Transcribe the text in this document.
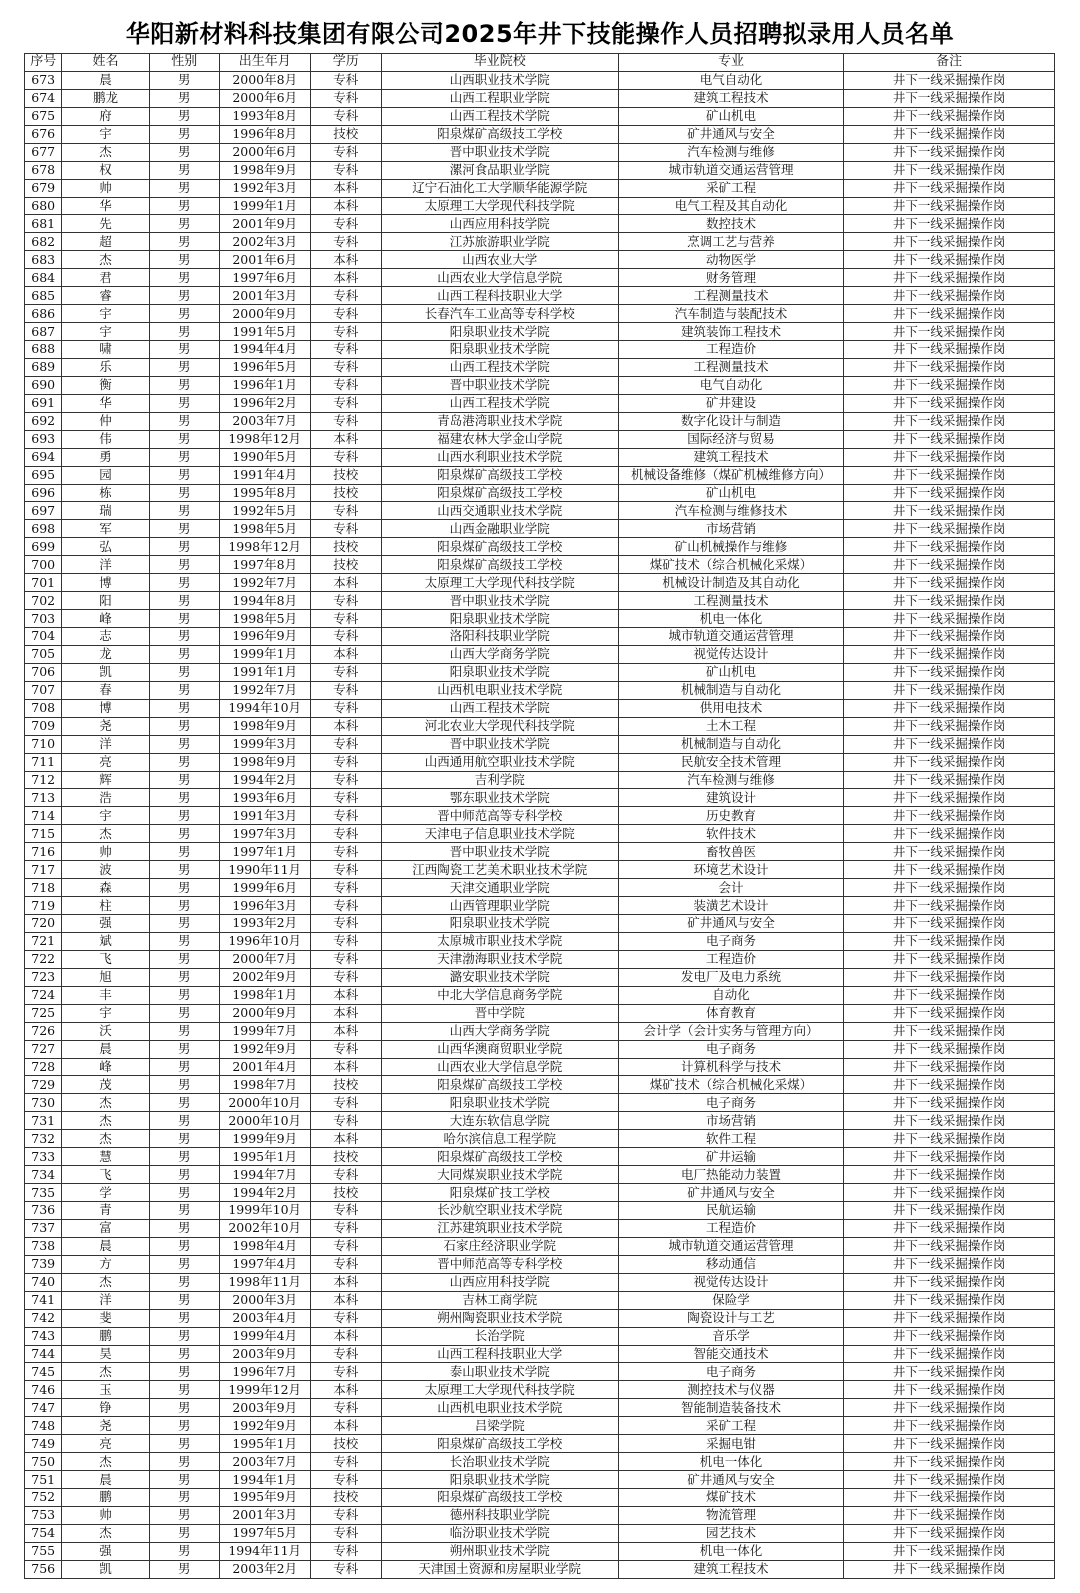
华阳新材料科技集团有限公司2025年井下技能操作人员招聘拟录用人员名单
序号	姓名	性别	出生年月	学历	毕业院校	专业	备注
673	晨	男	2000年8月	专科	山西职业技术学院	电气自动化	井下一线采掘操作岗
674	鹏龙	男	2000年6月	专科	山西工程职业学院	建筑工程技术	井下一线采掘操作岗
675	府	男	1993年8月	专科	山西工程技术学院	矿山机电	井下一线采掘操作岗
676	宇	男	1996年8月	技校	阳泉煤矿高级技工学校	矿井通风与安全	井下一线采掘操作岗
677	杰	男	2000年6月	专科	晋中职业技术学院	汽车检测与维修	井下一线采掘操作岗
678	权	男	1998年9月	专科	漯河食品职业学院	城市轨道交通运营管理	井下一线采掘操作岗
679	帅	男	1992年3月	本科	辽宁石油化工大学顺华能源学院	采矿工程	井下一线采掘操作岗
680	华	男	1999年1月	本科	太原理工大学现代科技学院	电气工程及其自动化	井下一线采掘操作岗
681	先	男	2001年9月	专科	山西应用科技学院	数控技术	井下一线采掘操作岗
682	超	男	2002年3月	专科	江苏旅游职业学院	烹调工艺与营养	井下一线采掘操作岗
683	杰	男	2001年6月	本科	山西农业大学	动物医学	井下一线采掘操作岗
684	君	男	1997年6月	本科	山西农业大学信息学院	财务管理	井下一线采掘操作岗
685	睿	男	2001年3月	专科	山西工程科技职业大学	工程测量技术	井下一线采掘操作岗
686	宇	男	2000年9月	专科	长春汽车工业高等专科学校	汽车制造与装配技术	井下一线采掘操作岗
687	宇	男	1991年5月	专科	阳泉职业技术学院	建筑装饰工程技术	井下一线采掘操作岗
688	啸	男	1994年4月	专科	阳泉职业技术学院	工程造价	井下一线采掘操作岗
689	乐	男	1996年5月	专科	山西工程技术学院	工程测量技术	井下一线采掘操作岗
690	衡	男	1996年1月	专科	晋中职业技术学院	电气自动化	井下一线采掘操作岗
691	华	男	1996年2月	专科	山西工程技术学院	矿井建设	井下一线采掘操作岗
692	仲	男	2003年7月	专科	青岛港湾职业技术学院	数字化设计与制造	井下一线采掘操作岗
693	伟	男	1998年12月	本科	福建农林大学金山学院	国际经济与贸易	井下一线采掘操作岗
694	勇	男	1990年5月	专科	山西水利职业技术学院	建筑工程技术	井下一线采掘操作岗
695	园	男	1991年4月	技校	阳泉煤矿高级技工学校	机械设备维修（煤矿机械维修方向）	井下一线采掘操作岗
696	栋	男	1995年8月	技校	阳泉煤矿高级技工学校	矿山机电	井下一线采掘操作岗
697	瑞	男	1992年5月	专科	山西交通职业技术学院	汽车检测与维修技术	井下一线采掘操作岗
698	军	男	1998年5月	专科	山西金融职业学院	市场营销	井下一线采掘操作岗
699	弘	男	1998年12月	技校	阳泉煤矿高级技工学校	矿山机械操作与维修	井下一线采掘操作岗
700	洋	男	1997年8月	技校	阳泉煤矿高级技工学校	煤矿技术（综合机械化采煤）	井下一线采掘操作岗
701	博	男	1992年7月	本科	太原理工大学现代科技学院	机械设计制造及其自动化	井下一线采掘操作岗
702	阳	男	1994年8月	专科	晋中职业技术学院	工程测量技术	井下一线采掘操作岗
703	峰	男	1998年5月	专科	阳泉职业技术学院	机电一体化	井下一线采掘操作岗
704	志	男	1996年9月	专科	洛阳科技职业学院	城市轨道交通运营管理	井下一线采掘操作岗
705	龙	男	1999年1月	本科	山西大学商务学院	视觉传达设计	井下一线采掘操作岗
706	凯	男	1991年1月	专科	阳泉职业技术学院	矿山机电	井下一线采掘操作岗
707	春	男	1992年7月	专科	山西机电职业技术学院	机械制造与自动化	井下一线采掘操作岗
708	博	男	1994年10月	专科	山西工程技术学院	供用电技术	井下一线采掘操作岗
709	尧	男	1998年9月	本科	河北农业大学现代科技学院	土木工程	井下一线采掘操作岗
710	洋	男	1999年3月	专科	晋中职业技术学院	机械制造与自动化	井下一线采掘操作岗
711	亮	男	1998年9月	专科	山西通用航空职业技术学院	民航安全技术管理	井下一线采掘操作岗
712	辉	男	1994年2月	专科	吉利学院	汽车检测与维修	井下一线采掘操作岗
713	浩	男	1993年6月	专科	鄂东职业技术学院	建筑设计	井下一线采掘操作岗
714	宇	男	1991年3月	专科	晋中师范高等专科学校	历史教育	井下一线采掘操作岗
715	杰	男	1997年3月	专科	天津电子信息职业技术学院	软件技术	井下一线采掘操作岗
716	帅	男	1997年1月	专科	晋中职业技术学院	畜牧兽医	井下一线采掘操作岗
717	波	男	1990年11月	专科	江西陶瓷工艺美术职业技术学院	环境艺术设计	井下一线采掘操作岗
718	森	男	1999年6月	专科	天津交通职业学院	会计	井下一线采掘操作岗
719	柱	男	1996年3月	专科	山西管理职业学院	装潢艺术设计	井下一线采掘操作岗
720	强	男	1993年2月	专科	阳泉职业技术学院	矿井通风与安全	井下一线采掘操作岗
721	斌	男	1996年10月	专科	太原城市职业技术学院	电子商务	井下一线采掘操作岗
722	飞	男	2000年7月	专科	天津渤海职业技术学院	工程造价	井下一线采掘操作岗
723	旭	男	2002年9月	专科	潞安职业技术学院	发电厂及电力系统	井下一线采掘操作岗
724	丰	男	1998年1月	本科	中北大学信息商务学院	自动化	井下一线采掘操作岗
725	宇	男	2000年9月	本科	晋中学院	体育教育	井下一线采掘操作岗
726	沃	男	1999年7月	本科	山西大学商务学院	会计学（会计实务与管理方向）	井下一线采掘操作岗
727	晨	男	1992年9月	专科	山西华澳商贸职业学院	电子商务	井下一线采掘操作岗
728	峰	男	2001年4月	本科	山西农业大学信息学院	计算机科学与技术	井下一线采掘操作岗
729	茂	男	1998年7月	技校	阳泉煤矿高级技工学校	煤矿技术（综合机械化采煤）	井下一线采掘操作岗
730	杰	男	2000年10月	专科	阳泉职业技术学院	电子商务	井下一线采掘操作岗
731	杰	男	2000年10月	专科	大连东软信息学院	市场营销	井下一线采掘操作岗
732	杰	男	1999年9月	本科	哈尔滨信息工程学院	软件工程	井下一线采掘操作岗
733	慧	男	1995年1月	技校	阳泉煤矿高级技工学校	矿井运输	井下一线采掘操作岗
734	飞	男	1994年7月	专科	大同煤炭职业技术学院	电厂热能动力装置	井下一线采掘操作岗
735	学	男	1994年2月	技校	阳泉煤矿技工学校	矿井通风与安全	井下一线采掘操作岗
736	青	男	1999年10月	专科	长沙航空职业技术学院	民航运输	井下一线采掘操作岗
737	富	男	2002年10月	专科	江苏建筑职业技术学院	工程造价	井下一线采掘操作岗
738	晨	男	1998年4月	专科	石家庄经济职业学院	城市轨道交通运营管理	井下一线采掘操作岗
739	方	男	1997年4月	专科	晋中师范高等专科学校	移动通信	井下一线采掘操作岗
740	杰	男	1998年11月	本科	山西应用科技学院	视觉传达设计	井下一线采掘操作岗
741	洋	男	2000年3月	本科	吉林工商学院	保险学	井下一线采掘操作岗
742	斐	男	2003年4月	专科	朔州陶瓷职业技术学院	陶瓷设计与工艺	井下一线采掘操作岗
743	鹏	男	1999年4月	本科	长治学院	音乐学	井下一线采掘操作岗
744	昊	男	2003年9月	专科	山西工程科技职业大学	智能交通技术	井下一线采掘操作岗
745	杰	男	1996年7月	专科	泰山职业技术学院	电子商务	井下一线采掘操作岗
746	玉	男	1999年12月	本科	太原理工大学现代科技学院	测控技术与仪器	井下一线采掘操作岗
747	铮	男	2003年9月	专科	山西机电职业技术学院	智能制造装备技术	井下一线采掘操作岗
748	尧	男	1992年9月	本科	吕梁学院	采矿工程	井下一线采掘操作岗
749	亮	男	1995年1月	技校	阳泉煤矿高级技工学校	采掘电钳	井下一线采掘操作岗
750	杰	男	2003年7月	专科	长治职业技术学院	机电一体化	井下一线采掘操作岗
751	晨	男	1994年1月	专科	阳泉职业技术学院	矿井通风与安全	井下一线采掘操作岗
752	鹏	男	1995年9月	技校	阳泉煤矿高级技工学校	煤矿技术	井下一线采掘操作岗
753	帅	男	2001年3月	专科	德州科技职业学院	物流管理	井下一线采掘操作岗
754	杰	男	1997年5月	专科	临汾职业技术学院	园艺技术	井下一线采掘操作岗
755	强	男	1994年11月	专科	朔州职业技术学院	机电一体化	井下一线采掘操作岗
756	凯	男	2003年2月	专科	天津国土资源和房屋职业学院	建筑工程技术	井下一线采掘操作岗
